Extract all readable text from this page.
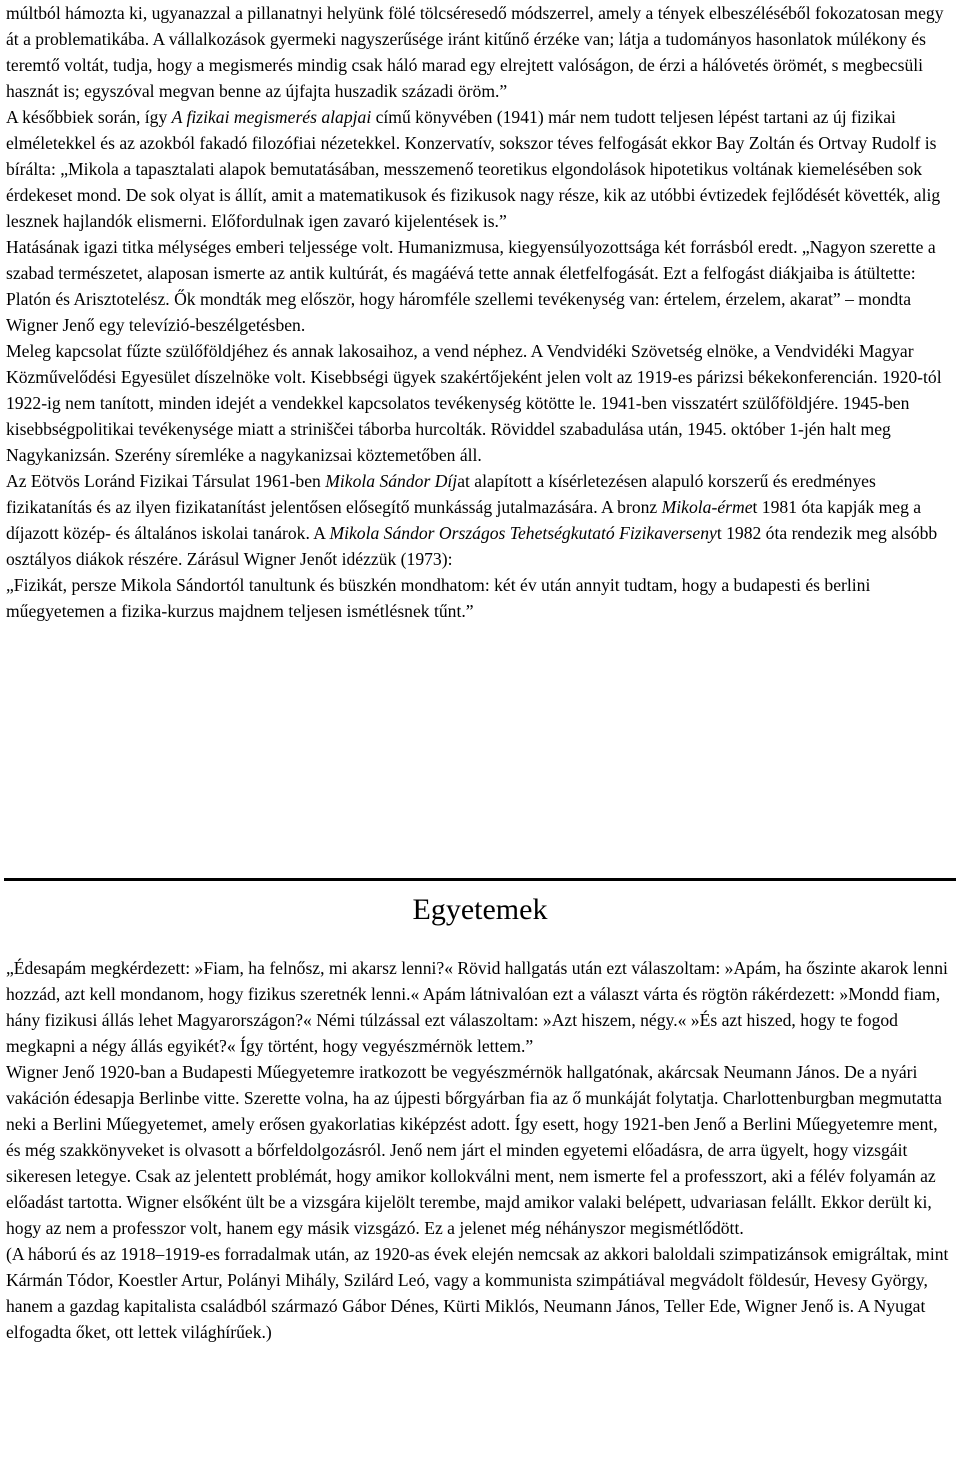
múltból hámozta ki, ugyanazzal a pillanatnyi helyünk fölé tölcséresedő módszerrel, amely a tények elbeszéléséből fokozatosan megy át a problematikába. A vállalkozások gyermeki nagyszerűsége iránt kitűnő érzéke van; látja a tudományos hasonlatok múlékony és teremtő voltát, tudja, hogy a megismerés mindig csak háló marad egy elrejtett valóságon, de érzi a hálóvetés örömét, s megbecsüli hasznát is; egyszóval megvan benne az újfajta huszadik századi öröm.”

A későbbiek során, így A fizikai megismerés alapjai című könyvében (1941) már nem tudott teljesen lépést tartani az új fizikai elméletekkel és az azokból fakadó filozófiai nézetekkel. Konzervatív, sokszor téves felfogását ekkor Bay Zoltán és Ortvay Rudolf is bírálta: „Mikola a tapasztalati alapok bemutatásában, messzemenő teoretikus elgondolások hipotetikus voltának kiemelésében sok érdekeset mond. De sok olyat is állít, amit a matematikusok és fizikusok nagy része, kik az utóbbi évtizedek fejlődését követték, alig lesznek hajlandók elismerni. Előfordulnak igen zavaró kijelentések is.”

Hatásának igazi titka mélységes emberi teljessége volt. Humanizmusa, kiegyensúlyozottsága két forrásból eredt. „Nagyon szerette a szabad természetet, alaposan ismerte az antik kultúrát, és magáévá tette annak életfelfogását. Ezt a felfogást diákjaiba is átültette: Platón és Arisztotelész. Ők mondták meg először, hogy háromféle szellemi tevékenység van: értelem, érzelem, akarat” – mondta Wigner Jenő egy televízió-beszélgetésben.

Meleg kapcsolat fűzte szülőföldjéhez és annak lakosaihoz, a vend néphez. A Vendvidéki Szövetség elnöke, a Vendvidéki Magyar Közművelődési Egyesület díszelnöke volt. Kisebbségi ügyek szakértőjeként jelen volt az 1919-es párizsi békekonferencián. 1920-tól 1922-ig nem tanított, minden idejét a vendekkel kapcsolatos tevékenység kötötte le. 1941-ben visszatért szülőföldjére. 1945-ben kisebbségpolitikai tevékenysége miatt a striniščei táborba hurcolták. Röviddel szabadulása után, 1945. október 1-jén halt meg Nagykanizsán. Szerény síremléke a nagykanizsai köztemetőben áll.

Az Eötvös Loránd Fizikai Társulat 1961-ben Mikola Sándor Díjat alapított a kísérletezésen alapuló korszerű és eredményes fizikatanítás és az ilyen fizikatanítást jelentősen elősegítő munkásság jutalmazására. A bronz Mikola-érmet 1981 óta kapják meg a díjazott közép- és általános iskolai tanárok. A Mikola Sándor Országos Tehetségkutató Fizikaversenyt 1982 óta rendezik meg alsóbb osztályos diákok részére. Zárásul Wigner Jenőt idézzük (1973):

„Fizikát, persze Mikola Sándortól tanultunk és büszkén mondhatom: két év után annyit tudtam, hogy a budapesti és berlini műegyetemen a fizika-kurzus majdnem teljesen ismétlésnek tűnt.”

Egyetemek

„Édesapám megkérdezett: »Fiam, ha felnősz, mi akarsz lenni?« Rövid hallgatás után ezt válaszoltam: »Apám, ha őszinte akarok lenni hozzád, azt kell mondanom, hogy fizikus szeretnék lenni.« Apám látnivalóan ezt a választ várta és rögtön rákérdezett: »Mondd fiam, hány fizikusi állás lehet Magyarországon?« Némi túlzással ezt válaszoltam: »Azt hiszem, négy.« »És azt hiszed, hogy te fogod megkapni a négy állás egyikét?« Így történt, hogy vegyészmérnök lettem.”

Wigner Jenő 1920-ban a Budapesti Műegyetemre iratkozott be vegyészmérnök hallgatónak, akárcsak Neumann János. De a nyári vakáción édesapja Berlinbe vitte. Szerette volna, ha az újpesti bőrgyárban fia az ő munkáját folytatja. Charlottenburgban megmutatta neki a Berlini Műegyetemet, amely erősen gyakorlatias kiképzést adott. Így esett, hogy 1921-ben Jenő a Berlini Műegyetemre ment, és még szakkönyveket is olvasott a bőrfeldolgozásról. Jenő nem járt el minden egyetemi előadásra, de arra ügyelt, hogy vizsgáit sikeresen letegye. Csak az jelentett problémát, hogy amikor kollokválni ment, nem ismerte fel a professzort, aki a félév folyamán az előadást tartotta. Wigner elsőként ült be a vizsgára kijelölt terembe, majd amikor valaki belépett, udvariasan felállt. Ekkor derült ki, hogy az nem a professzor volt, hanem egy másik vizsgázó. Ez a jelenet még néhányszor megismétlődött.

(A háború és az 1918–1919-es forradalmak után, az 1920-as évek elején nemcsak az akkori baloldali szimpatizánsok emigráltak, mint Kármán Tódor, Koestler Artur, Polányi Mihály, Szilárd Leó, vagy a kommunista szimpátiával megvádolt földesúr, Hevesy György, hanem a gazdag kapitalista családból származó Gábor Dénes, Kürti Miklós, Neumann János, Teller Ede, Wigner Jenő is. A Nyugat elfogadta őket, ott lettek világhírűek.)
